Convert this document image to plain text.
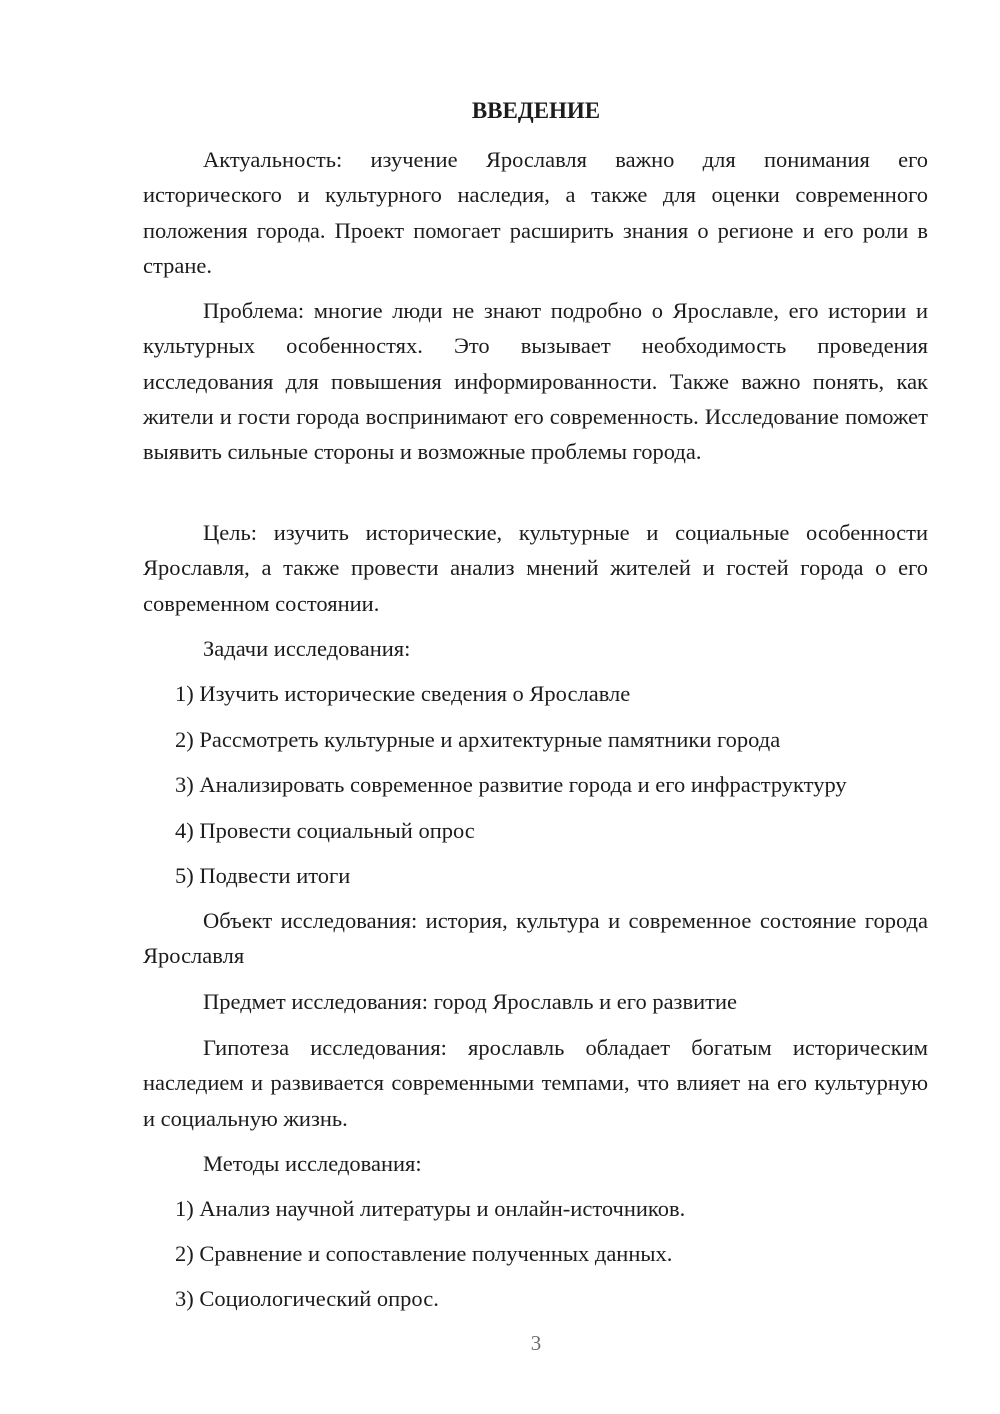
ВВЕДЕНИЕ

Актуальность: изучение Ярославля важно для понимания его исторического и культурного наследия, а также для оценки современного положения города. Проект помогает расширить знания о регионе и его роли в стране.

Проблема: многие люди не знают подробно о Ярославле, его истории и культурных особенностях. Это вызывает необходимость проведения исследования для повышения информированности. Также важно понять, как жители и гости города воспринимают его современность. Исследование поможет выявить сильные стороны и возможные проблемы города.

Цель: изучить исторические, культурные и социальные особенности Ярославля, а также провести анализ мнений жителей и гостей города о его современном состоянии.

Задачи исследования:

1) Изучить исторические сведения о Ярославле

2) Рассмотреть культурные и архитектурные памятники города

3) Анализировать современное развитие города и его инфраструктуру

4) Провести социальный опрос

5) Подвести итоги

Объект исследования: история, культура и современное состояние города Ярославля

Предмет исследования: город Ярославль и его развитие

Гипотеза исследования: ярославль обладает богатым историческим наследием и развивается современными темпами, что влияет на его культурную и социальную жизнь.

Методы исследования:

1) Анализ научной литературы и онлайн-источников.

2) Сравнение и сопоставление полученных данных.

3) Социологический опрос.

3
